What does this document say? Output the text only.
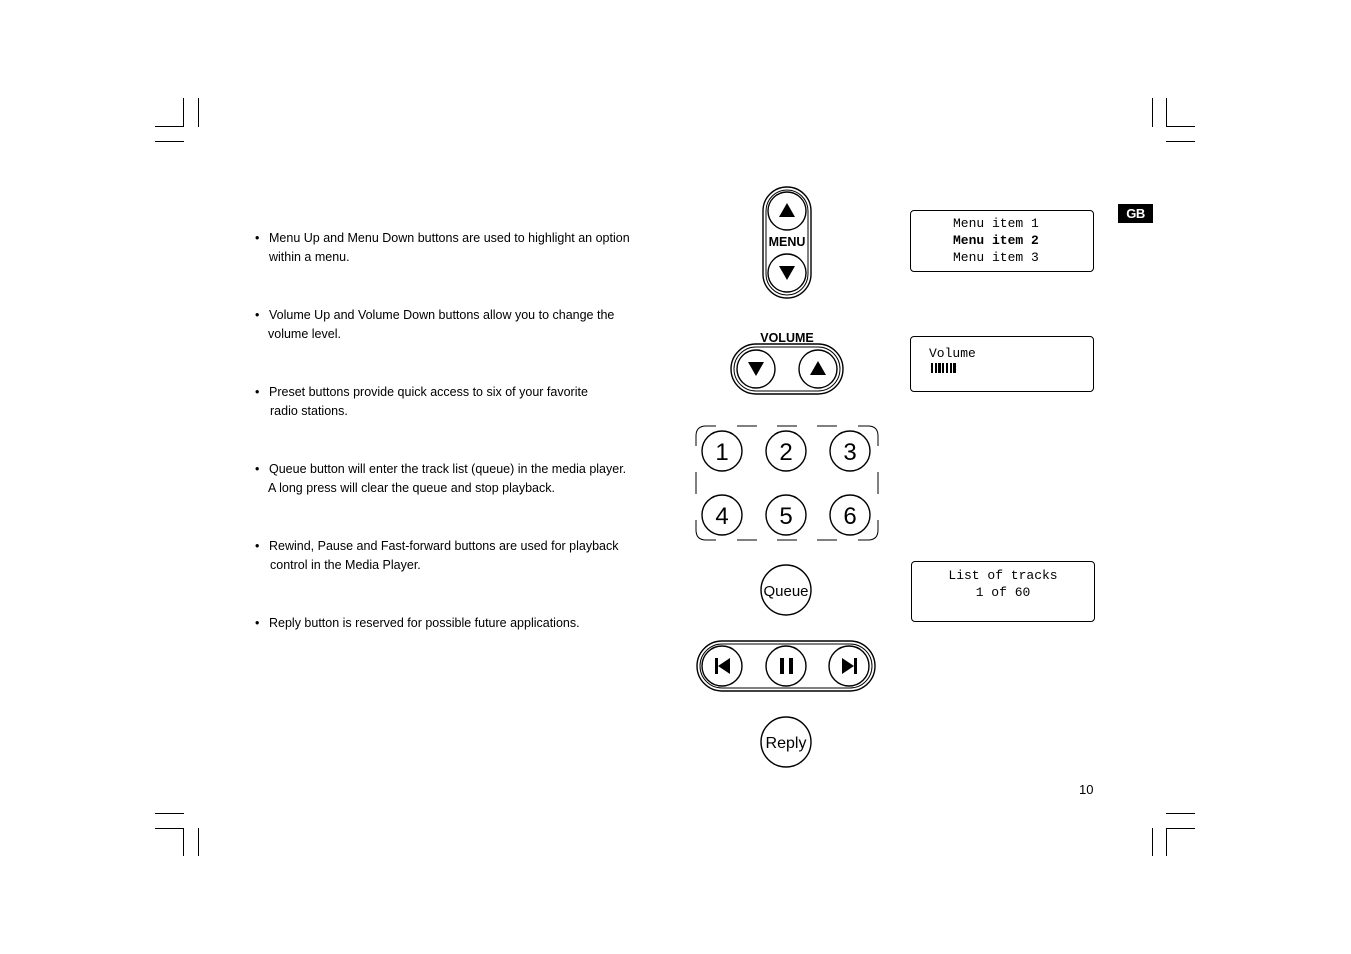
GB
• Menu Up and Menu Down buttons are used to highlight an option
within a menu.
• Volume Up and Volume Down buttons allow you to change the
volume level.
• Preset buttons provide quick access to six of your favorite
radio stations.
• Queue button will enter the track list (queue) in the media player.
A long press will clear the queue and stop playback.
• Rewind, Pause and Fast-forward buttons are used for playback
control in the Media Player.
• Reply button is reserved for possible future applications.
MENU
VOLUME
1 2 3
4 5 6
Queue
Reply
Menu item 1
Menu item 2
Menu item 3
Volume
List of tracks
1 of 60
10
